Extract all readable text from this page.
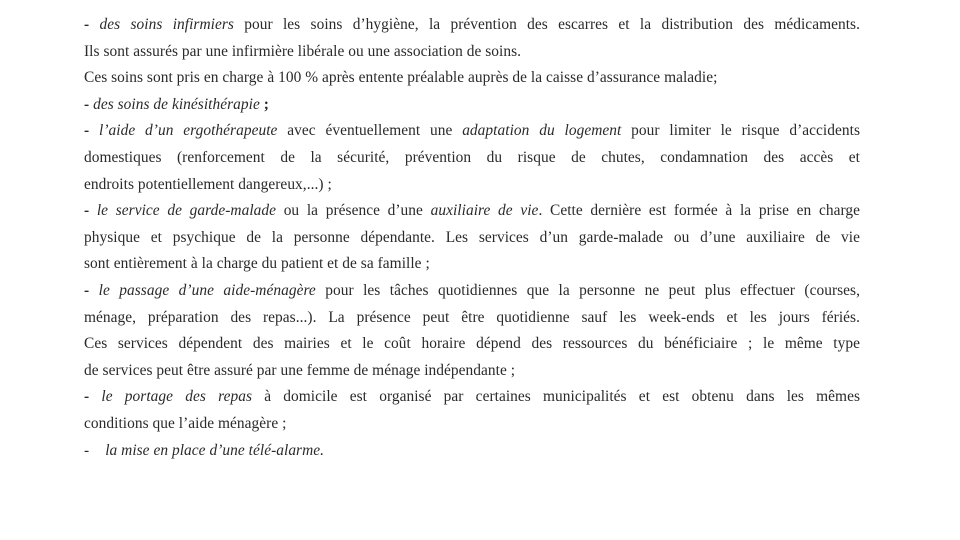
- des soins infirmiers pour les soins d’hygiène, la prévention des escarres et la distribution des médicaments.
Ils sont assurés par une infirmière libérale ou une association de soins.
Ces soins sont pris en charge à 100 % après entente préalable auprès de la caisse d’assurance maladie;
- des soins de kinésithérapie ;
- l’aide d’un ergothérapeute avec éventuellement une adaptation du logement pour limiter le risque d’accidents
domestiques (renforcement de la sécurité, prévention du risque de chutes, condamnation des accès et
endroits potentiellement dangereux,...) ;
- le service de garde-malade ou la présence d’une auxiliaire de vie. Cette dernière est formée à la prise en charge
physique et psychique de la personne dépendante. Les services d’un garde-malade ou d’une auxiliaire de vie
sont entièrement à la charge du patient et de sa famille ;
- le passage d’une aide-ménagère pour les tâches quotidiennes que la personne ne peut plus effectuer (courses,
ménage, préparation des repas...). La présence peut être quotidienne sauf les week-ends et les jours fériés.
Ces services dépendent des mairies et le coût horaire dépend des ressources du bénéficiaire ; le même type
de services peut être assuré par une femme de ménage indépendante ;
- le portage des repas à domicile est organisé par certaines municipalités et est obtenu dans les mêmes
conditions que l’aide ménagère ;
- la mise en place d’une télé-alarme.
